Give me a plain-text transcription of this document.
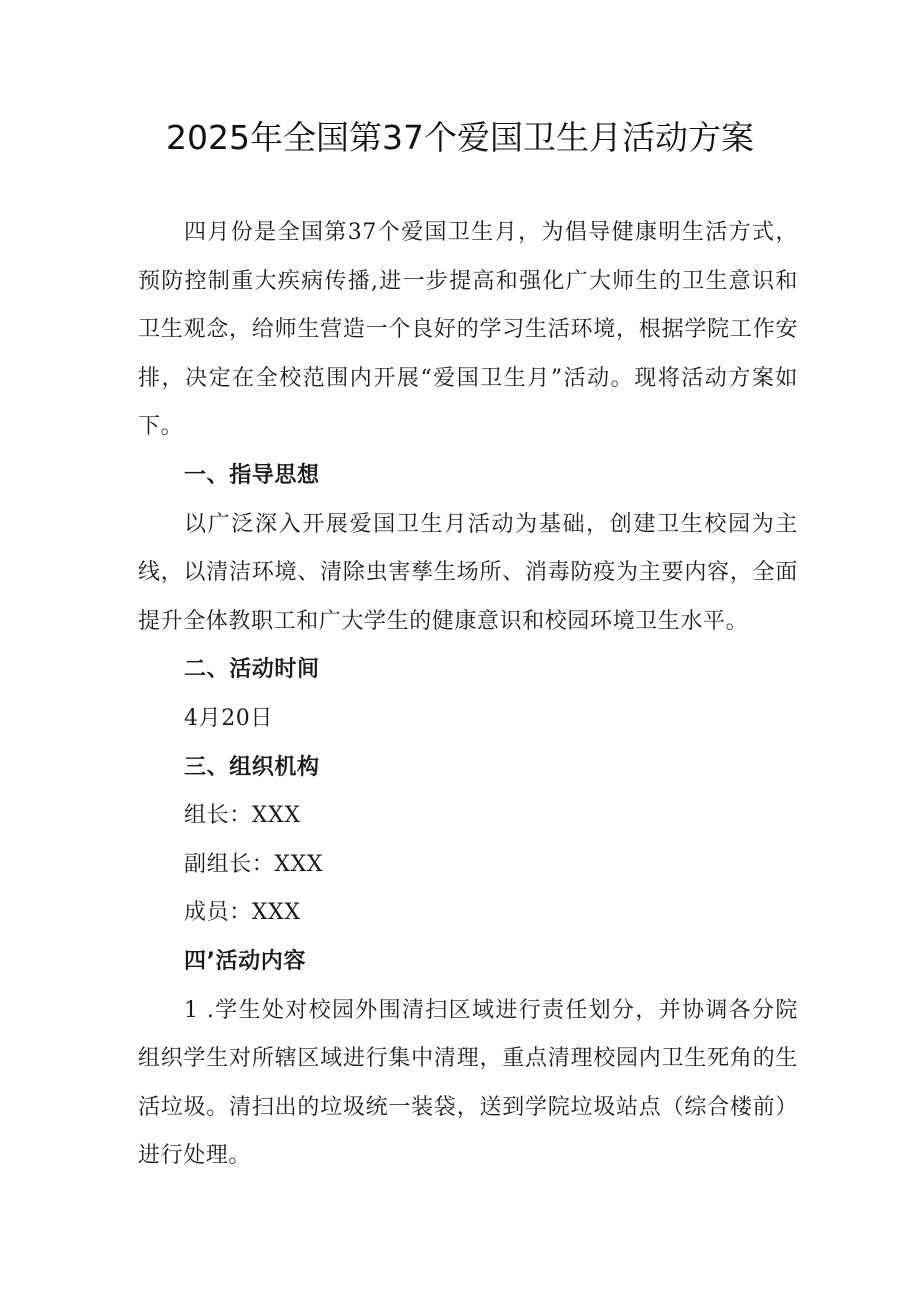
2025年全国第37个爱国卫生月活动方案

四月份是全国第37个爱国卫生月，为倡导健康明生活方式，预防控制重大疾病传播,进一步提高和强化广大师生的卫生意识和卫生观念，给师生营造一个良好的学习生活环境，根据学院工作安排，决定在全校范围内开展“爱国卫生月”活动。现将活动方案如下。

一、指导思想

以广泛深入开展爱国卫生月活动为基础，创建卫生校园为主线，以清洁环境、清除虫害孳生场所、消毒防疫为主要内容，全面提升全体教职工和广大学生的健康意识和校园环境卫生水平。

二、活动时间

4月20日

三、组织机构

组长：XXX

副组长：XXX

成员：XXX

四’活动内容

1 .学生处对校园外围清扫区域进行责任划分，并协调各分院组织学生对所辖区域进行集中清理，重点清理校园内卫生死角的生活垃圾。清扫出的垃圾统一装袋，送到学院垃圾站点（综合楼前）进行处理。
